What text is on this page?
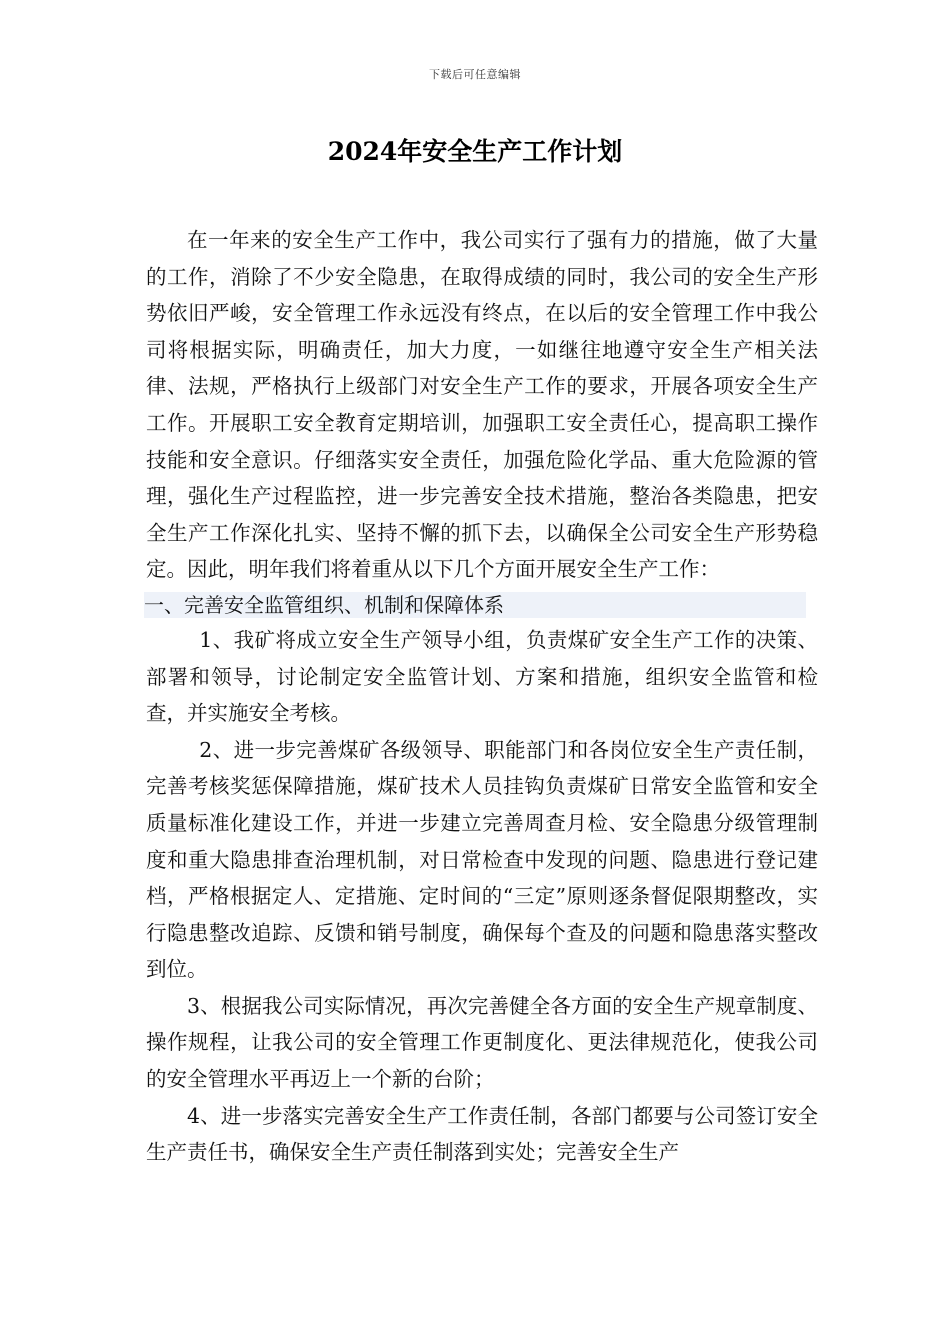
下载后可任意编辑
2024年安全生产工作计划

在一年来的安全生产工作中，我公司实行了强有力的措施，做了大量的工作，消除了不少安全隐患，在取得成绩的同时，我公司的安全生产形势依旧严峻，安全管理工作永远没有终点，在以后的安全管理工作中我公司将根据实际，明确责任，加大力度，一如继往地遵守安全生产相关法律、法规，严格执行上级部门对安全生产工作的要求，开展各项安全生产工作。开展职工安全教育定期培训，加强职工安全责任心，提高职工操作技能和安全意识。仔细落实安全责任，加强危险化学品、重大危险源的管理，强化生产过程监控，进一步完善安全技术措施，整治各类隐患，把安全生产工作深化扎实、坚持不懈的抓下去，以确保全公司安全生产形势稳定。因此，明年我们将着重从以下几个方面开展安全生产工作：

一、完善安全监管组织、机制和保障体系

1、我矿将成立安全生产领导小组，负责煤矿安全生产工作的决策、部署和领导，讨论制定安全监管计划、方案和措施，组织安全监管和检查，并实施安全考核。

2、进一步完善煤矿各级领导、职能部门和各岗位安全生产责任制，完善考核奖惩保障措施，煤矿技术人员挂钩负责煤矿日常安全监管和安全质量标准化建设工作，并进一步建立完善周查月检、安全隐患分级管理制度和重大隐患排查治理机制，对日常检查中发现的问题、隐患进行登记建档，严格根据定人、定措施、定时间的“三定”原则逐条督促限期整改，实行隐患整改追踪、反馈和销号制度，确保每个查及的问题和隐患落实整改到位。

3、根据我公司实际情况，再次完善健全各方面的安全生产规章制度、操作规程，让我公司的安全管理工作更制度化、更法律规范化，使我公司的安全管理水平再迈上一个新的台阶；

4、进一步落实完善安全生产工作责任制，各部门都要与公司签订安全生产责任书，确保安全生产责任制落到实处；完善安全生产
